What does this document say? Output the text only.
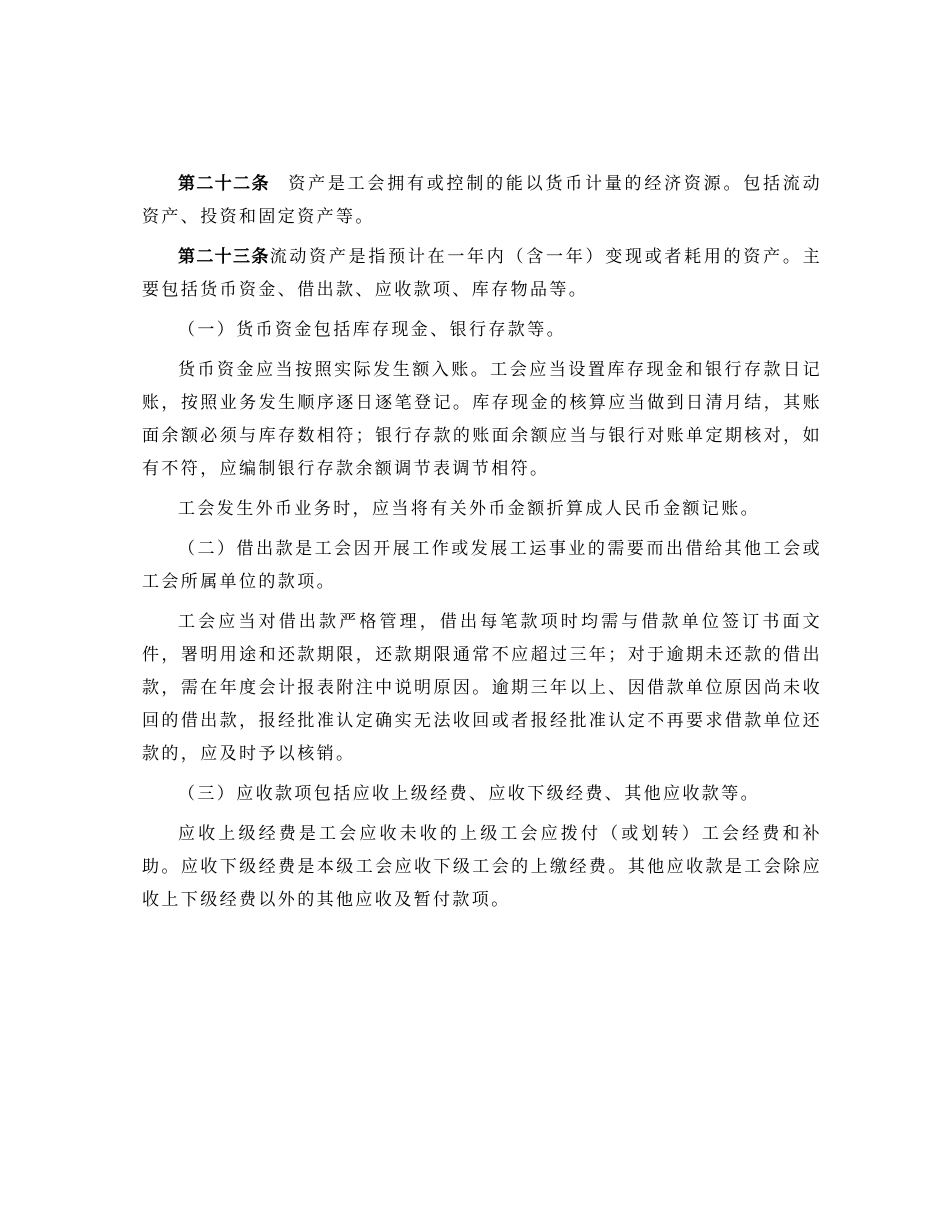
第二十二条 资产是工会拥有或控制的能以货币计量的经济资源。包括流动资产、投资和固定资产等。

第二十三条流动资产是指预计在一年内（含一年）变现或者耗用的资产。主要包括货币资金、借出款、应收款项、库存物品等。

（一）货币资金包括库存现金、银行存款等。

货币资金应当按照实际发生额入账。工会应当设置库存现金和银行存款日记账，按照业务发生顺序逐日逐笔登记。库存现金的核算应当做到日清月结，其账面余额必须与库存数相符；银行存款的账面余额应当与银行对账单定期核对，如有不符，应编制银行存款余额调节表调节相符。

工会发生外币业务时，应当将有关外币金额折算成人民币金额记账。

（二）借出款是工会因开展工作或发展工运事业的需要而出借给其他工会或工会所属单位的款项。

工会应当对借出款严格管理，借出每笔款项时均需与借款单位签订书面文件，署明用途和还款期限，还款期限通常不应超过三年；对于逾期未还款的借出款，需在年度会计报表附注中说明原因。逾期三年以上、因借款单位原因尚未收回的借出款，报经批准认定确实无法收回或者报经批准认定不再要求借款单位还款的，应及时予以核销。

（三）应收款项包括应收上级经费、应收下级经费、其他应收款等。

应收上级经费是工会应收未收的上级工会应拨付（或划转）工会经费和补助。应收下级经费是本级工会应收下级工会的上缴经费。其他应收款是工会除应收上下级经费以外的其他应收及暂付款项。
